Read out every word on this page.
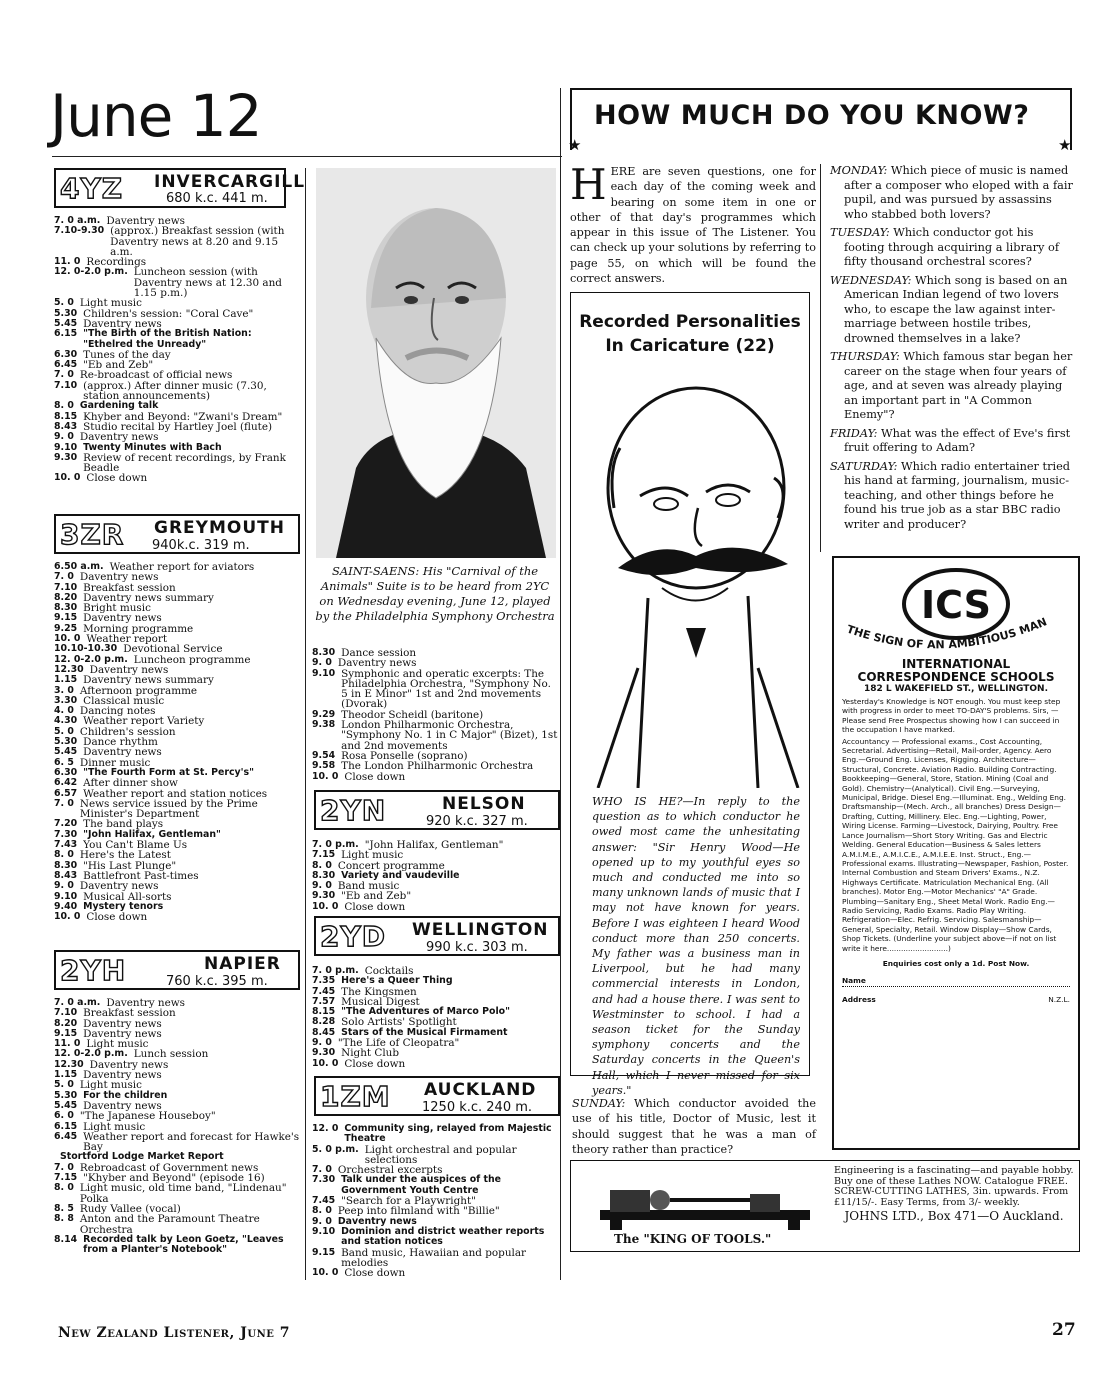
June 12
4YZ INVERCARGILL
680 k.c. 441 m.
7. 0 a.m. Daventry news
7.10-9.30 (approx.) Breakfast session (with Daventry news at 8.20 and 9.15 a.m.
11. 0 Recordings
12. 0-2.0 p.m. Luncheon session (with Daventry news at 12.30 and 1.15 p.m.)
5. 0 Light music
5.30 Children's session: "Coral Cave"
5.45 Daventry news
6.15 "The Birth of the British Nation: "Ethelred the Unready"
6.30 Tunes of the day
6.45 "Eb and Zeb"
7. 0 Re-broadcast of official news
7.10 (approx.) After dinner music (7.30, station announcements)
8. 0 Gardening talk
8.15 Khyber and Beyond: "Zwani's Dream"
8.43 Studio recital by Hartley Joel (flute)
9. 0 Daventry news
9.10 Twenty Minutes with Bach
9.30 Review of recent recordings, by Frank Beadle
10. 0 Close down
3ZR GREYMOUTH
940k.c. 319 m.
6.50 a.m. Weather report for aviators
7. 0 Daventry news
7.10 Breakfast session
8.20 Daventry news summary
8.30 Bright music
9.15 Daventry news
9.25 Morning programme
10. 0 Weather report
10.10-10.30 Devotional Service
12. 0-2.0 p.m. Luncheon programme
12.30 Daventry news
1.15 Daventry news summary
3. 0 Afternoon programme
3.30 Classical music
4. 0 Dancing notes
4.30 Weather report Variety
5. 0 Children's session
5.30 Dance rhythm
5.45 Daventry news
6. 5 Dinner music
6.30 "The Fourth Form at St. Percy's"
6.42 After dinner show
6.57 Weather report and station notices
7. 0 News service issued by the Prime Minister's Department
7.20 The band plays
7.30 "John Halifax, Gentleman"
7.43 You Can't Blame Us
8. 0 Here's the Latest
8.30 "His Last Plunge"
8.43 Battlefront Past-times
9. 0 Daventry news
9.10 Musical All-sorts
9.40 Mystery tenors
10. 0 Close down
2YH	NAPIER
760 k.c. 395 m.
7. 0 a.m. Daventry news
7.10 Breakfast session
8.20 Daventry news
9.15 Daventry news
11. 0 Light music
12. 0-2.0 p.m. Lunch session
12.30 Daventry news
1.15 Daventry news
5. 0 Light music
5.30 For the children
5.45 Daventry news
6. 0 "The Japanese Houseboy"
6.15 Light music
6.45 Weather report and forecast for Hawke's Bay
Stortford Lodge Market Report
7. 0 Rebroadcast of Government news
7.15 "Khyber and Beyond" (episode 16)
8. 0 Light music, old time band, "Lindenau" Polka
8. 5 Rudy Vallee (vocal)
8. 8 Anton and the Paramount Theatre Orchestra
8.14 Recorded talk by Leon Goetz, "Leaves from a Planter's Notebook"
SAINT-SAENS: His "Carnival of the Animals" Suite is to be heard from 2YC on Wednesday evening, June 12, played by the Philadelphia Symphony Orchestra
8.30 Dance session
9. 0 Daventry news
9.10 Symphonic and operatic excerpts: The Philadelphia Orchestra, "Symphony No. 5 in E Minor" 1st and 2nd movements (Dvorak)
9.29 Theodor Scheidl (baritone)
9.38 London Philharmonic Orchestra, "Symphony No. 1 in C Major" (Bizet), 1st and 2nd movements
9.54 Rosa Ponselle (soprano)
9.58 The London Philharmonic Orchestra
10. 0 Close down
2YN	NELSON
920 k.c. 327 m.
7. 0 p.m. "John Halifax, Gentleman"
7.15 Light music
8. 0 Concert programme
8.30 Variety and vaudeville
9. 0 Band music
9.30 "Eb and Zeb"
10. 0 Close down
2YD WELLINGTON
990 k.c. 303 m.
7. 0 p.m. Cocktails
7.35 Here's a Queer Thing
7.45 The Kingsmen
7.57 Musical Digest
8.15 "The Adventures of Marco Polo"
8.28 Solo Artists' Spotlight
8.45 Stars of the Musical Firmament
9. 0 "The Life of Cleopatra"
9.30 Night Club
10. 0 Close down
1ZM AUCKLAND
1250 k.c. 240 m.
12. 0 Community sing, relayed from Majestic Theatre
5. 0 p.m. Light orchestral and popular selections
7. 0 Orchestral excerpts
7.30 Talk under the auspices of the Government Youth Centre
7.45 "Search for a Playwright"
8. 0 Peep into filmland with "Billie"
9. 0 Daventry news
9.10 Dominion and district weather reports and station notices
9.15 Band music, Hawaiian and popular melodies
10. 0 Close down
HOW MUCH DO YOU KNOW?
★	★
HERE are seven questions, one for each day of the coming week and bearing on some item in one or other of that day's programmes which appear in this issue of The Listener. You can check up your solutions by referring to page 55, on which will be found the correct answers.
MONDAY: Which piece of music is named after a composer who eloped with a fair pupil, and was pursued by assassins who stabbed both lovers?
TUESDAY: Which conductor got his footing through acquiring a library of fifty thousand orchestral scores?
WEDNESDAY: Which song is based on an American Indian legend of two lovers who, to escape the law against inter-marriage between hostile tribes, drowned themselves in a lake?
THURSDAY: Which famous star began her career on the stage when four years of age, and at seven was already playing an important part in "A Common Enemy"?
FRIDAY: What was the effect of Eve's first fruit offering to Adam?
SATURDAY: Which radio entertainer tried his hand at farming, journalism, music-teaching, and other things before he found his true job as a star BBC radio writer and producer?
Recorded Personalities
In Caricature (22)
WHO IS HE?—In reply to the question as to which conductor he owed most came the unhesitating answer: "Sir Henry Wood—He opened up to my youthful eyes so much and conducted me into so many unknown lands of music that I may not have known for years. Before I was eighteen I heard Wood conduct more than 250 concerts. My father was a business man in Liverpool, but he had many commercial interests in London, and had a house there. I was sent to Westminster to school. I had a season ticket for the Sunday symphony concerts and the Saturday concerts in the Queen's Hall, which I never missed for six years."
SUNDAY: Which conductor avoided the use of his title, Doctor of Music, lest it should suggest that he was a man of theory rather than practice?
ICS
THE SIGN OF AN AMBITIOUS MAN
INTERNATIONAL
CORRESPONDENCE SCHOOLS
182 L WAKEFIELD ST., WELLINGTON.
Yesterday's Knowledge is NOT enough. You must keep step with progress in order to meet TO-DAY'S problems. Sirs, — Please send Free Prospectus showing how I can succeed in the occupation I have marked.
Accountancy — Professional exams., Cost Accounting, Secretarial. Advertising—Retail, Mail-order, Agency. Aero Eng.—Ground Eng. Licenses, Rigging. Architecture—Structural, Concrete. Aviation Radio. Building Contracting. Bookkeeping—General, Store, Station. Mining (Coal and Gold). Chemistry—(Analytical). Civil Eng.—Surveying, Municipal, Bridge. Diesel Eng.—Illuminat. Eng., Welding Eng. Draftsmanship—(Mech. Arch., all branches) Dress Design—Drafting, Cutting, Millinery. Elec. Eng.—Lighting, Power, Wiring License. Farming—Livestock, Dairying, Poultry. Free Lance Journalism—Short Story Writing. Gas and Electric Welding. General Education—Business & Sales letters A.M.I.M.E., A.M.I.C.E., A.M.I.E.E. Inst. Struct., Eng.—Professional exams. Illustrating—Newspaper, Fashion, Poster. Internal Combustion and Steam Drivers' Exams., N.Z. Highways Certificate. Matriculation Mechanical Eng. (All branches). Motor Eng.—Motor Mechanics' "A" Grade. Plumbing—Sanitary Eng., Sheet Metal Work. Radio Eng.—Radio Servicing, Radio Exams. Radio Play Writing. Refrigeration—Elec. Refrig. Servicing. Salesmanship—General, Specialty, Retail. Window Display—Show Cards, Shop Tickets. (Underline your subject above—if not on list write it here..........................)
Enquiries cost only a 1d. Post Now.
Name
Address	N.Z.L.
The "KING OF TOOLS."
Engineering is a fascinating—and payable hobby. Buy one of these Lathes NOW. Catalogue FREE. SCREW-CUTTING LATHES, 3in. upwards. From £11/15/-. Easy Terms, from 3/- weekly.
JOHNS LTD., Box 471—O Auckland.
New Zealand Listener, June 7	27
